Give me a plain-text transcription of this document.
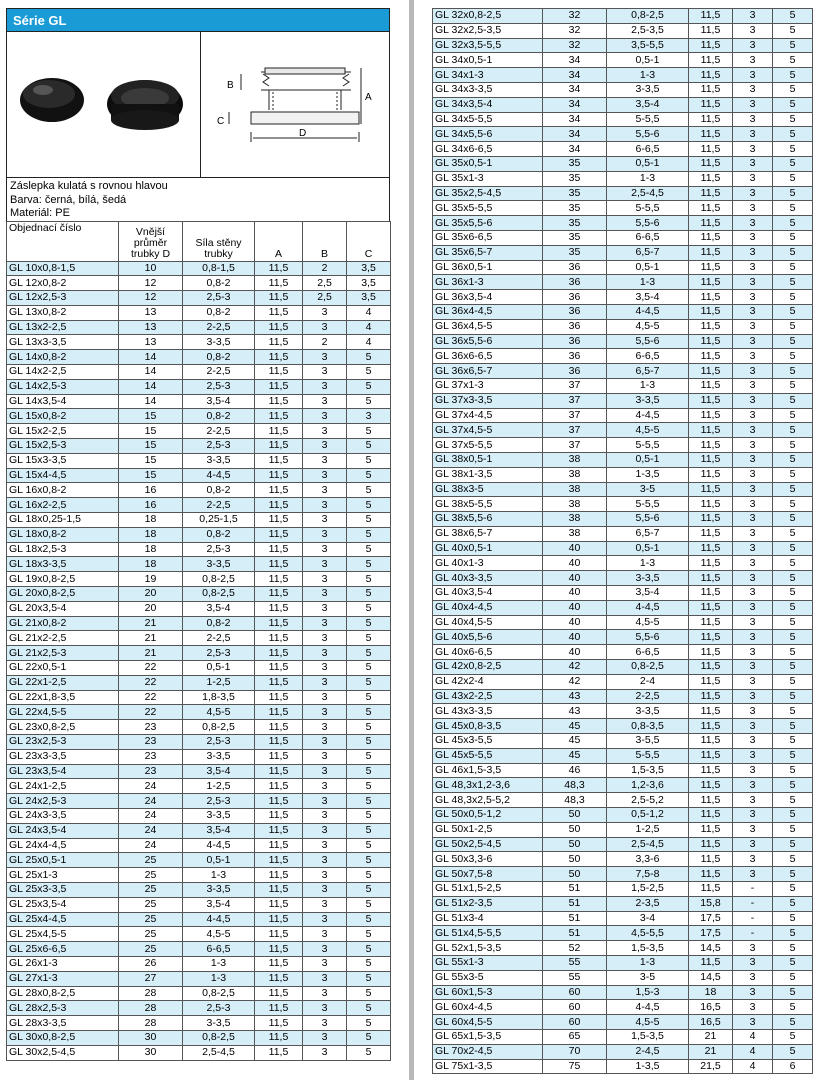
Série GL
A
B
C
D
Záslepka kulatá s rovnou hlavou
Barva: černá, bílá, šedá
Materiál: PE
Objednací číslo	Vnější průměr trubky D	Síla stěny trubky	A	B	C
GL 10x0,8-1,5	10	0,8-1,5	11,5	2	3,5
GL 12x0,8-2	12	0,8-2	11,5	2,5	3,5
GL 12x2,5-3	12	2,5-3	11,5	2,5	3,5
GL 13x0,8-2	13	0,8-2	11,5	3	4
GL 13x2-2,5	13	2-2,5	11,5	3	4
GL 13x3-3,5	13	3-3,5	11,5	2	4
GL 14x0,8-2	14	0,8-2	11,5	3	5
GL 14x2-2,5	14	2-2,5	11,5	3	5
GL 14x2,5-3	14	2,5-3	11,5	3	5
GL 14x3,5-4	14	3,5-4	11,5	3	5
GL 15x0,8-2	15	0,8-2	11,5	3	3
GL 15x2-2,5	15	2-2,5	11,5	3	5
GL 15x2,5-3	15	2,5-3	11,5	3	5
GL 15x3-3,5	15	3-3,5	11,5	3	5
GL 15x4-4,5	15	4-4,5	11,5	3	5
GL 16x0,8-2	16	0,8-2	11,5	3	5
GL 16x2-2,5	16	2-2,5	11,5	3	5
GL 18x0,25-1,5	18	0,25-1,5	11,5	3	5
GL 18x0,8-2	18	0,8-2	11,5	3	5
GL 18x2,5-3	18	2,5-3	11,5	3	5
GL 18x3-3,5	18	3-3,5	11,5	3	5
GL 19x0,8-2,5	19	0,8-2,5	11,5	3	5
GL 20x0,8-2,5	20	0,8-2,5	11,5	3	5
GL 20x3,5-4	20	3,5-4	11,5	3	5
GL 21x0,8-2	21	0,8-2	11,5	3	5
GL 21x2-2,5	21	2-2,5	11,5	3	5
GL 21x2,5-3	21	2,5-3	11,5	3	5
GL 22x0,5-1	22	0,5-1	11,5	3	5
GL 22x1-2,5	22	1-2,5	11,5	3	5
GL 22x1,8-3,5	22	1,8-3,5	11,5	3	5
GL 22x4,5-5	22	4,5-5	11,5	3	5
GL 23x0,8-2,5	23	0,8-2,5	11,5	3	5
GL 23x2,5-3	23	2,5-3	11,5	3	5
GL 23x3-3,5	23	3-3,5	11,5	3	5
GL 23x3,5-4	23	3,5-4	11,5	3	5
GL 24x1-2,5	24	1-2,5	11,5	3	5
GL 24x2,5-3	24	2,5-3	11,5	3	5
GL 24x3-3,5	24	3-3,5	11,5	3	5
GL 24x3,5-4	24	3,5-4	11,5	3	5
GL 24x4-4,5	24	4-4,5	11,5	3	5
GL 25x0,5-1	25	0,5-1	11,5	3	5
GL 25x1-3	25	1-3	11,5	3	5
GL 25x3-3,5	25	3-3,5	11,5	3	5
GL 25x3,5-4	25	3,5-4	11,5	3	5
GL 25x4-4,5	25	4-4,5	11,5	3	5
GL 25x4,5-5	25	4,5-5	11,5	3	5
GL 25x6-6,5	25	6-6,5	11,5	3	5
GL 26x1-3	26	1-3	11,5	3	5
GL 27x1-3	27	1-3	11,5	3	5
GL 28x0,8-2,5	28	0,8-2,5	11,5	3	5
GL 28x2,5-3	28	2,5-3	11,5	3	5
GL 28x3-3,5	28	3-3,5	11,5	3	5
GL 30x0,8-2,5	30	0,8-2,5	11,5	3	5
GL 30x2,5-4,5	30	2,5-4,5	11,5	3	5
GL 32x0,8-2,5	32	0,8-2,5	11,5	3	5
GL 32x2,5-3,5	32	2,5-3,5	11,5	3	5
GL 32x3,5-5,5	32	3,5-5,5	11,5	3	5
GL 34x0,5-1	34	0,5-1	11,5	3	5
GL 34x1-3	34	1-3	11,5	3	5
GL 34x3-3,5	34	3-3,5	11,5	3	5
GL 34x3,5-4	34	3,5-4	11,5	3	5
GL 34x5-5,5	34	5-5,5	11,5	3	5
GL 34x5,5-6	34	5,5-6	11,5	3	5
GL 34x6-6,5	34	6-6,5	11,5	3	5
GL 35x0,5-1	35	0,5-1	11,5	3	5
GL 35x1-3	35	1-3	11,5	3	5
GL 35x2,5-4,5	35	2,5-4,5	11,5	3	5
GL 35x5-5,5	35	5-5,5	11,5	3	5
GL 35x5,5-6	35	5,5-6	11,5	3	5
GL 35x6-6,5	35	6-6,5	11,5	3	5
GL 35x6,5-7	35	6,5-7	11,5	3	5
GL 36x0,5-1	36	0,5-1	11,5	3	5
GL 36x1-3	36	1-3	11,5	3	5
GL 36x3,5-4	36	3,5-4	11,5	3	5
GL 36x4-4,5	36	4-4,5	11,5	3	5
GL 36x4,5-5	36	4,5-5	11,5	3	5
GL 36x5,5-6	36	5,5-6	11,5	3	5
GL 36x6-6,5	36	6-6,5	11,5	3	5
GL 36x6,5-7	36	6,5-7	11,5	3	5
GL 37x1-3	37	1-3	11,5	3	5
GL 37x3-3,5	37	3-3,5	11,5	3	5
GL 37x4-4,5	37	4-4,5	11,5	3	5
GL 37x4,5-5	37	4,5-5	11,5	3	5
GL 37x5-5,5	37	5-5,5	11,5	3	5
GL 38x0,5-1	38	0,5-1	11,5	3	5
GL 38x1-3,5	38	1-3,5	11,5	3	5
GL 38x3-5	38	3-5	11,5	3	5
GL 38x5-5,5	38	5-5,5	11,5	3	5
GL 38x5,5-6	38	5,5-6	11,5	3	5
GL 38x6,5-7	38	6,5-7	11,5	3	5
GL 40x0,5-1	40	0,5-1	11,5	3	5
GL 40x1-3	40	1-3	11,5	3	5
GL 40x3-3,5	40	3-3,5	11,5	3	5
GL 40x3,5-4	40	3,5-4	11,5	3	5
GL 40x4-4,5	40	4-4,5	11,5	3	5
GL 40x4,5-5	40	4,5-5	11,5	3	5
GL 40x5,5-6	40	5,5-6	11,5	3	5
GL 40x6-6,5	40	6-6,5	11,5	3	5
GL 42x0,8-2,5	42	0,8-2,5	11,5	3	5
GL 42x2-4	42	2-4	11,5	3	5
GL 43x2-2,5	43	2-2,5	11,5	3	5
GL 43x3-3,5	43	3-3,5	11,5	3	5
GL 45x0,8-3,5	45	0,8-3,5	11,5	3	5
GL 45x3-5,5	45	3-5,5	11,5	3	5
GL 45x5-5,5	45	5-5,5	11,5	3	5
GL 46x1,5-3,5	46	1,5-3,5	11,5	3	5
GL 48,3x1,2-3,6	48,3	1,2-3,6	11,5	3	5
GL 48,3x2,5-5,2	48,3	2,5-5,2	11,5	3	5
GL 50x0,5-1,2	50	0,5-1,2	11,5	3	5
GL 50x1-2,5	50	1-2,5	11,5	3	5
GL 50x2,5-4,5	50	2,5-4,5	11,5	3	5
GL 50x3,3-6	50	3,3-6	11,5	3	5
GL 50x7,5-8	50	7,5-8	11,5	3	5
GL 51x1,5-2,5	51	1,5-2,5	11,5	-	5
GL 51x2-3,5	51	2-3,5	15,8	-	5
GL 51x3-4	51	3-4	17,5	-	5
GL 51x4,5-5,5	51	4,5-5,5	17,5	-	5
GL 52x1,5-3,5	52	1,5-3,5	14,5	3	5
GL 55x1-3	55	1-3	11,5	3	5
GL 55x3-5	55	3-5	14,5	3	5
GL 60x1,5-3	60	1,5-3	18	3	5
GL 60x4-4,5	60	4-4,5	16,5	3	5
GL 60x4,5-5	60	4,5-5	16,5	3	5
GL 65x1,5-3,5	65	1,5-3,5	21	4	5
GL 70x2-4,5	70	2-4,5	21	4	5
GL 75x1-3,5	75	1-3,5	21,5	4	6
